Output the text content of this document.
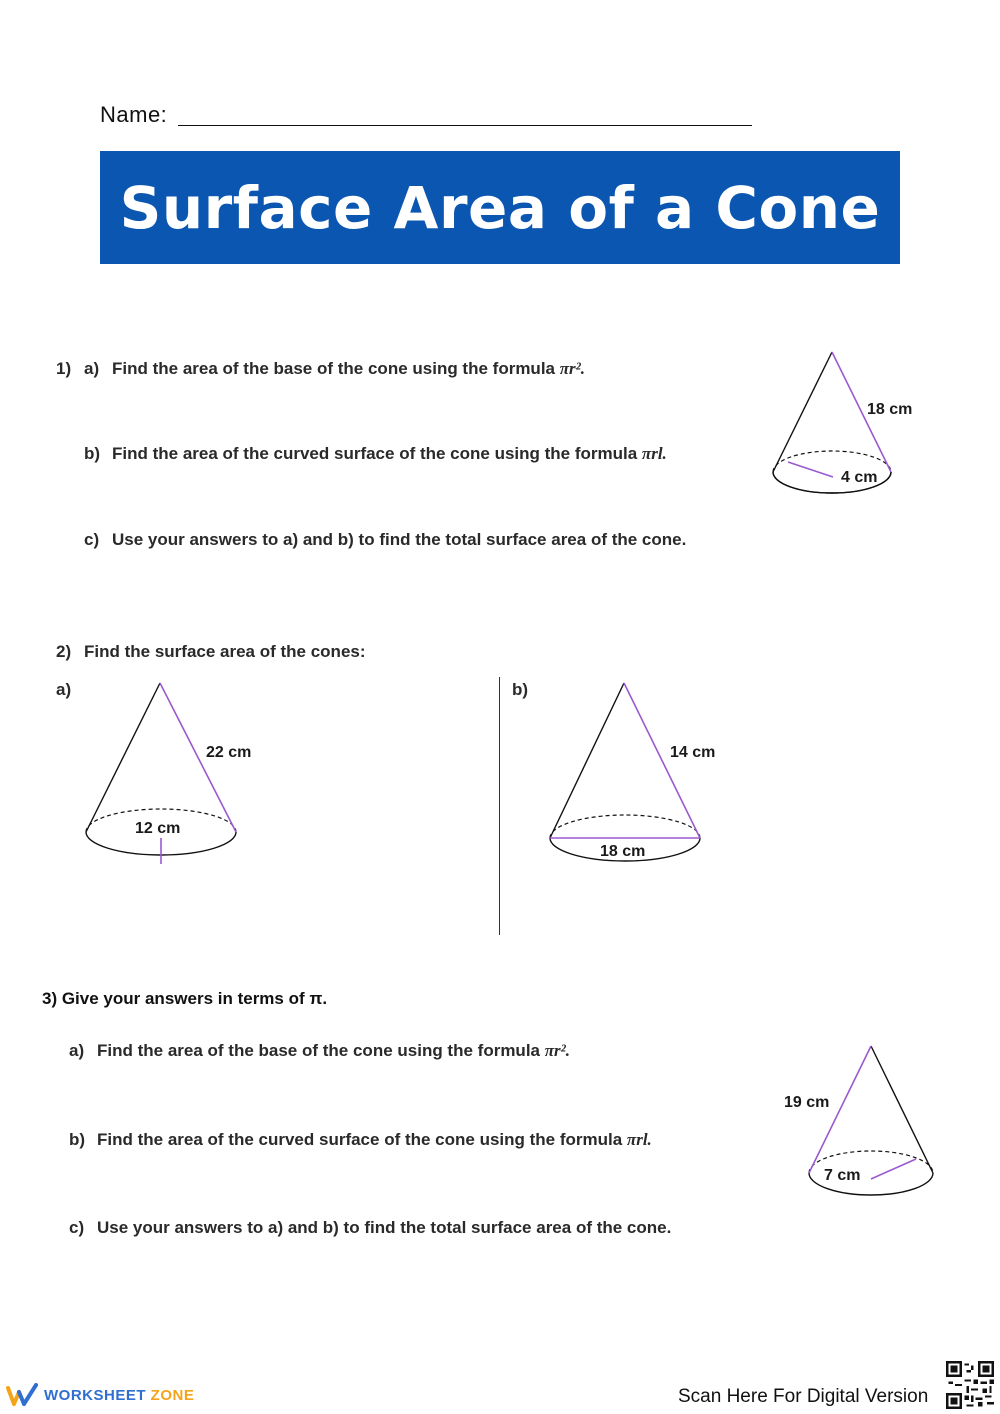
Name:
Surface Area of a Cone
1) a) Find the area of the base of the cone using the formula πr².
b) Find the area of the curved surface of the cone using the formula πrl.
c) Use your answers to a) and b) to find the total surface area of the cone.
18 cm
4 cm
2) Find the surface area of the cones:
a)	b)
22 cm
12 cm
14 cm
18 cm
3) Give your answers in terms of π.
a) Find the area of the base of the cone using the formula πr².
b) Find the area of the curved surface of the cone using the formula πrl.
c) Use your answers to a) and b) to find the total surface area of the cone.
19 cm
7 cm
WORKSHEET ZONE	Scan Here For Digital Version
